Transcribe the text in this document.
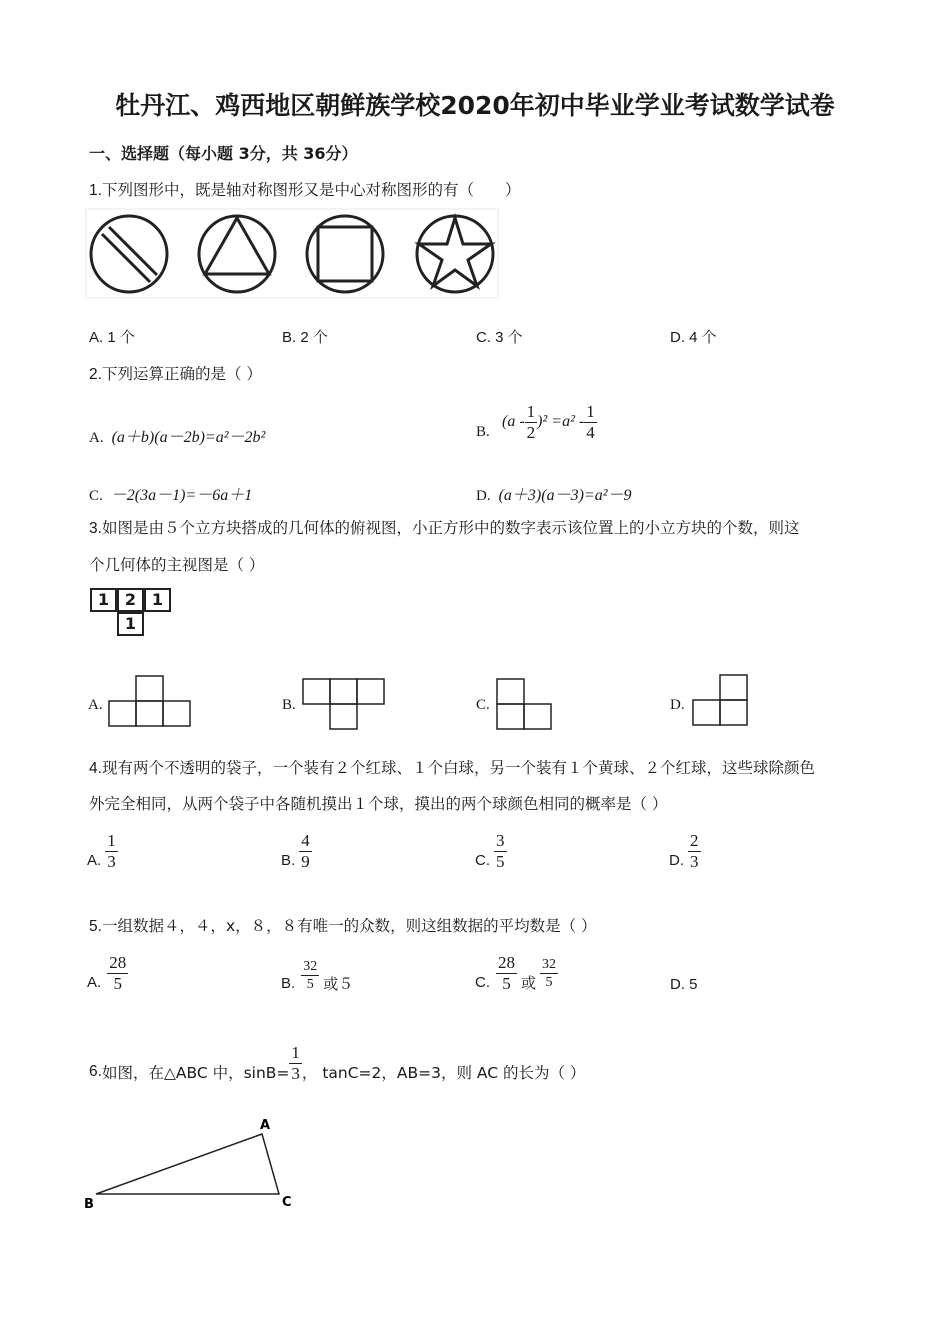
牡丹江、鸡西地区朝鲜族学校2020年初中毕业学业考试数学试卷
一、选择题（每小题 3分，共 36分）
1.下列图形中，既是轴对称图形又是中心对称图形的有（　　）
A. 1 个	B. 2 个	C. 3 个	D. 4 个
2.下列运算正确的是（ ）
A. (a＋b)(a－2b)=a²－2b²	B.
$(a - \frac{1}{2} )^2 =a^2 - \frac{1}{4}$
C. －2(3a－1)=－6a＋1	D. (a＋3)(a－3)=a²－9
3.如图是由５个立方块搭成的几何体的俯视图，小正方形中的数字表示该位置上的小立方块的个数，则这
个几何体的主视图是（ ）
1 2 1
1
A.	B.	C.	D.
4.现有两个不透明的袋子，一个装有２个红球、１个白球，另一个装有１个黄球、２个红球，这些球除颜色
外完全相同，从两个袋子中各随机摸出１个球，摸出的两个球颜色相同的概率是（ ）
A. $\frac{1}{3}$	B. $\frac{4}{9}$	C. $\frac{3}{5}$	D. $\frac{2}{3}$
5.一组数据４，４，x，８，８有唯一的众数，则这组数据的平均数是（ ）
A. $\frac{28}{5}$	B. $\frac{32}{5}$ 或５	C. $\frac{28}{5}$ 或 $\frac{32}{5}$	D. 5
6. 如图，在△ABC 中，$\sin B= \frac{1}{3}$ ， tanC=2，AB=3，则 AC 的长为（ ）
A
B	C
